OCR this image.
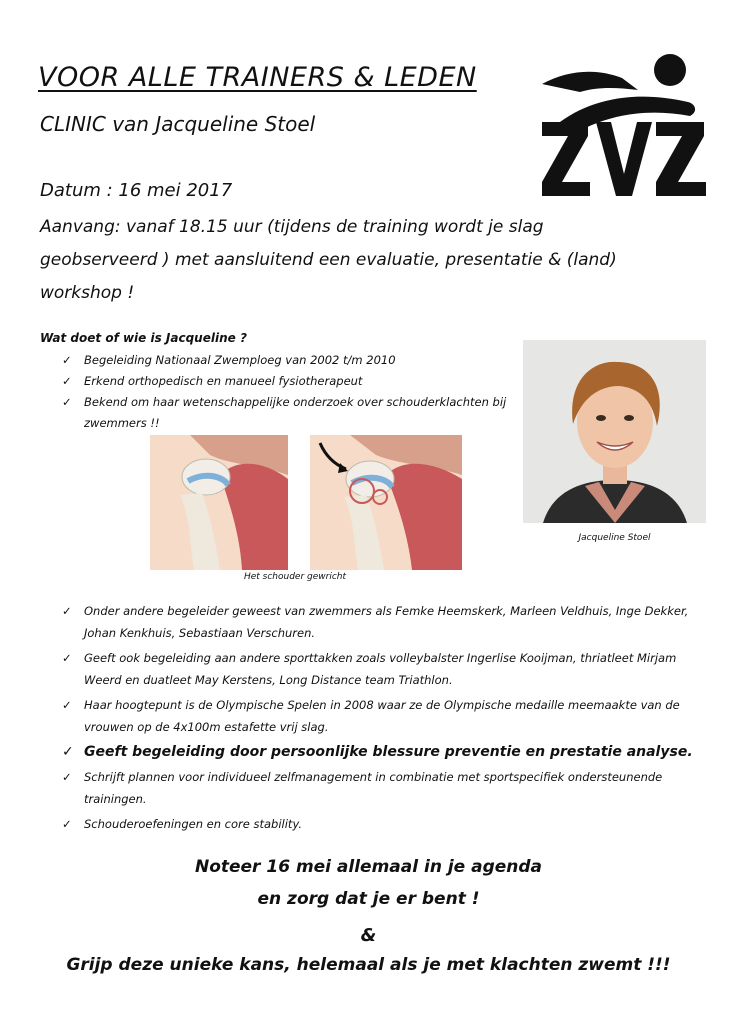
VOOR ALLE TRAINERS & LEDEN
CLINIC van Jacqueline Stoel
Datum : 16 mei 2017
Aanvang: vanaf 18.15 uur (tijdens de training wordt je slag geobserveerd ) met aansluitend een evaluatie, presentatie & (land) workshop !
Wat doet of wie is Jacqueline ?
✓ Begeleiding Nationaal Zwemploeg van 2002 t/m 2010
✓ Erkend orthopedisch en manueel fysiotherapeut
✓ Bekend om haar wetenschappelijke onderzoek over schouderklachten bij zwemmers !!
Jacqueline Stoel
Het schouder gewricht
✓ Onder andere begeleider geweest van zwemmers als Femke Heemskerk, Marleen Veldhuis, Inge Dekker, Johan Kenkhuis, Sebastiaan Verschuren.
✓ Geeft ook begeleiding aan andere sporttakken zoals volleybalster Ingerlise Kooijman, thriatleet Mirjam Weerd en duatleet May Kerstens, Long Distance team Triathlon.
✓ Haar hoogtepunt is de Olympische Spelen in 2008 waar ze de Olympische medaille meemaakte van de vrouwen op de 4x100m estafette vrij slag.
✓ Geeft begeleiding door persoonlijke blessure preventie en prestatie analyse.
✓ Schrijft plannen voor individueel zelfmanagement in combinatie met sportspecifiek ondersteunende trainingen.
✓ Schouderoefeningen en core stability.
Noteer 16 mei allemaal in je agenda
en zorg dat je er bent !
&
Grijp deze unieke kans, helemaal als je met klachten zwemt !!!
